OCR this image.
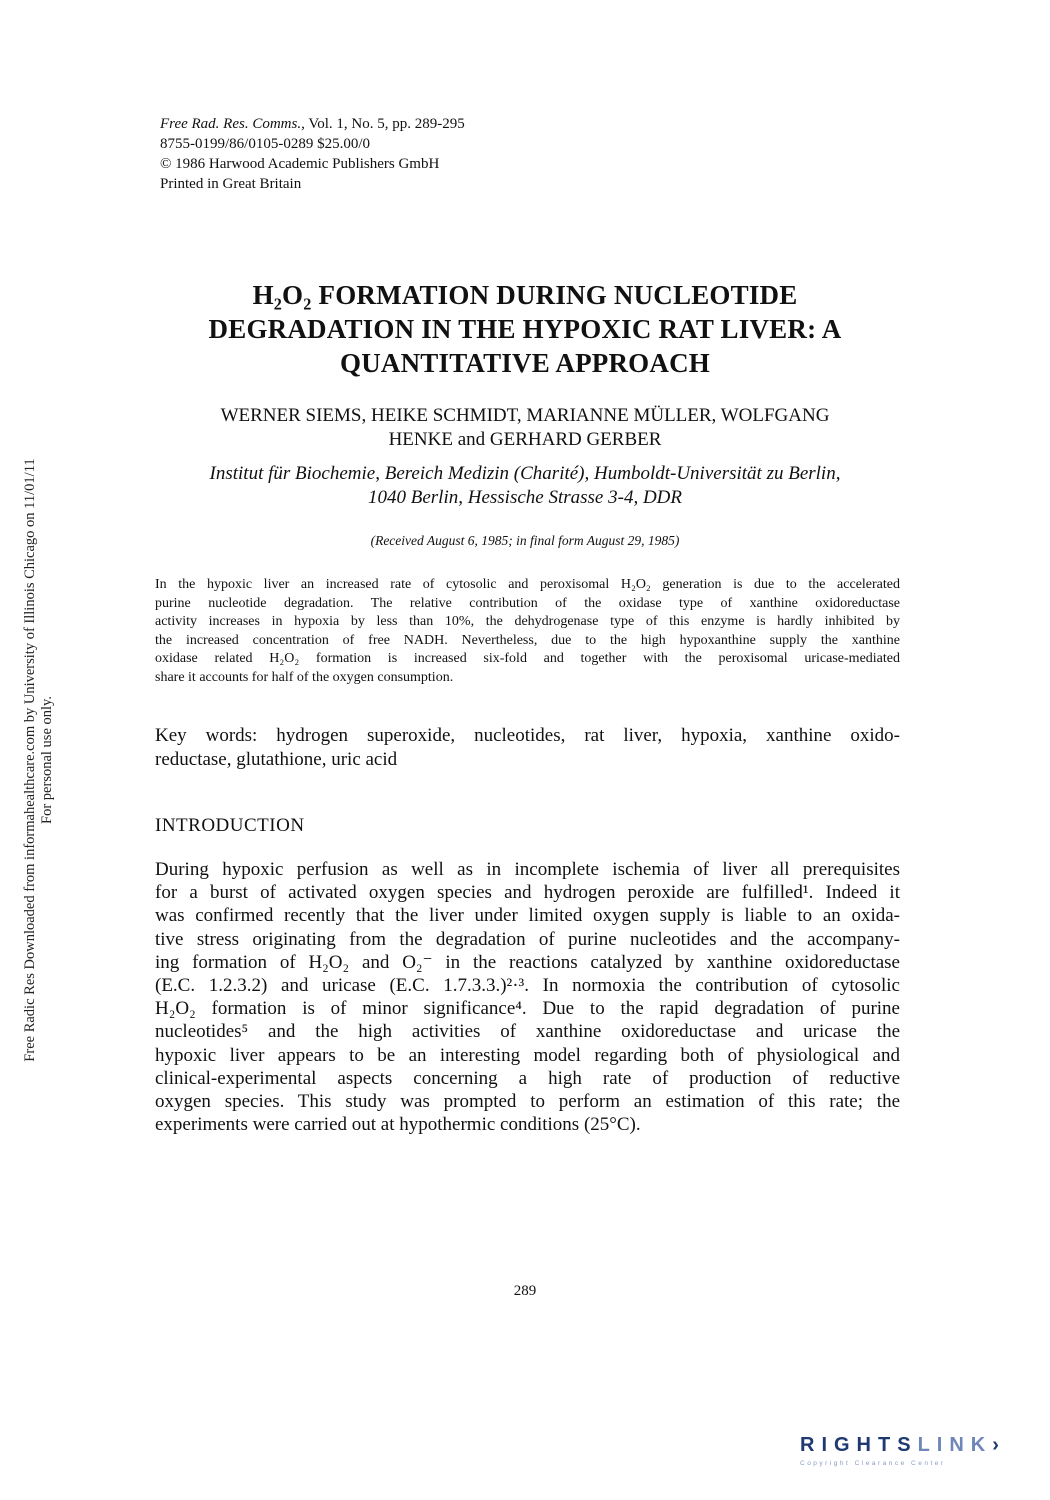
Free Radic Res Downloaded from informahealthcare.com by University of Illinois Chicago on 11/01/11 For personal use only.
Free Rad. Res. Comms., Vol. 1, No. 5, pp. 289-295
8755-0199/86/0105-0289 $25.00/0
© 1986 Harwood Academic Publishers GmbH
Printed in Great Britain
H₂O₂ FORMATION DURING NUCLEOTIDE
DEGRADATION IN THE HYPOXIC RAT LIVER: A
QUANTITATIVE APPROACH
WERNER SIEMS, HEIKE SCHMIDT, MARIANNE MÜLLER, WOLFGANG
HENKE and GERHARD GERBER
Institut für Biochemie, Bereich Medizin (Charité), Humboldt-Universität zu Berlin,
1040 Berlin, Hessische Strasse 3-4, DDR
(Received August 6, 1985; in final form August 29, 1985)
In the hypoxic liver an increased rate of cytosolic and peroxisomal H₂O₂ generation is due to the accelerated
purine nucleotide degradation. The relative contribution of the oxidase type of xanthine oxidoreductase
activity increases in hypoxia by less than 10%, the dehydrogenase type of this enzyme is hardly inhibited by
the increased concentration of free NADH. Nevertheless, due to the high hypoxanthine supply the xanthine
oxidase related H₂O₂ formation is increased six-fold and together with the peroxisomal uricase-mediated
share it accounts for half of the oxygen consumption.
Key words: hydrogen superoxide, nucleotides, rat liver, hypoxia, xanthine oxido-
reductase, glutathione, uric acid
INTRODUCTION
During hypoxic perfusion as well as in incomplete ischemia of liver all prerequisites
for a burst of activated oxygen species and hydrogen peroxide are fulfilled¹. Indeed it
was confirmed recently that the liver under limited oxygen supply is liable to an oxida-
tive stress originating from the degradation of purine nucleotides and the accompany-
ing formation of H₂O₂ and O₂⁻ in the reactions catalyzed by xanthine oxidoreductase
(E.C. 1.2.3.2) and uricase (E.C. 1.7.3.3.)²·³. In normoxia the contribution of cytosolic
H₂O₂ formation is of minor significance⁴. Due to the rapid degradation of purine
nucleotides⁵ and the high activities of xanthine oxidoreductase and uricase the
hypoxic liver appears to be an interesting model regarding both of physiological and
clinical-experimental aspects concerning a high rate of production of reductive
oxygen species. This study was prompted to perform an estimation of this rate; the
experiments were carried out at hypothermic conditions (25°C).
289
RIGHTSLINK›
Copyright Clearance Center
